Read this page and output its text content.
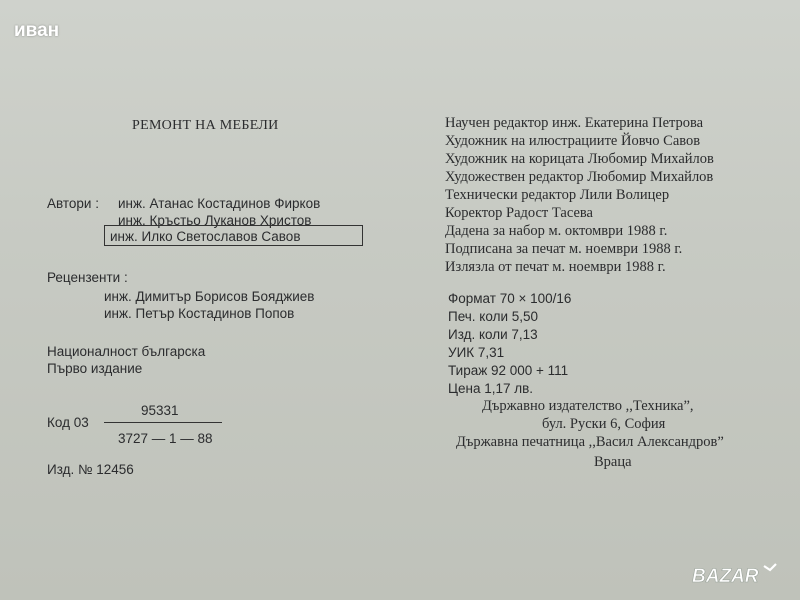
иван
РЕМОНТ НА МЕБЕЛИ
Автори : инж. Атанас Костадинов Фирков
инж. Кръстьо Луканов Христов
инж. Илко Светославов Савов
Рецензенти :
инж. Димитър Борисов Бояджиев
инж. Петър Костадинов Попов
Националност българска
Първо издание
Код 03
95331
3727 — 1 — 88
Изд. № 12456
Научен редактор инж. Екатерина Петрова
Художник на илюстрациите Йовчо Савов
Художник на корицата Любомир Михайлов
Художествен редактор Любомир Михайлов
Технически редактор Лили Волицер
Коректор Радост Тасева
Дадена за набор м. октомври 1988 г.
Подписана за печат м. ноември 1988 г.
Излязла от печат м. ноември 1988 г.
Формат 70 × 100/16
Печ. коли 5,50
Изд. коли 7,13
УИК 7,31
Тираж 92 000 + 111
Цена 1,17 лв.
Държавно издателство ,,Техника”,
бул. Руски 6, София
Държавна печатница ,,Васил Александров”
Враца
BAZAR
